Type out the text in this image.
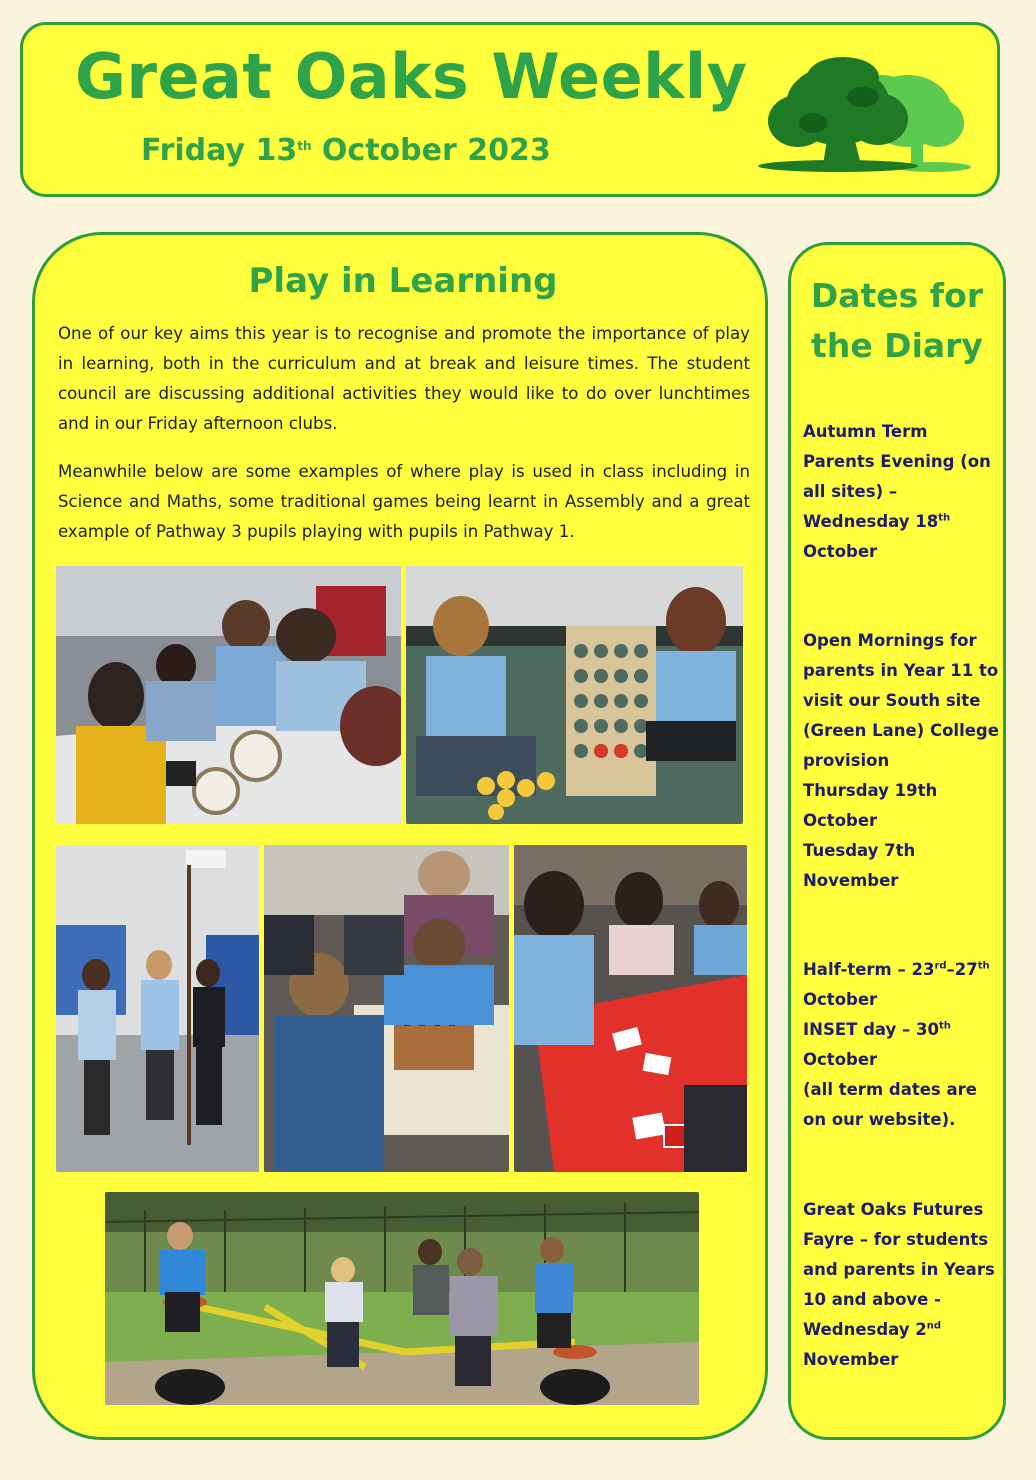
Great Oaks Weekly
Friday 13th October 2023
Play in Learning

One of our key aims this year is to recognise and promote the importance of play in learning, both in the curriculum and at break and leisure times. The student council are discussing additional activities they would like to do over lunchtimes and in our Friday afternoon clubs.

Meanwhile below are some examples of where play is used in class including in Science and Maths, some traditional games being learnt in Assembly and a great example of Pathway 3 pupils playing with pupils in Pathway 1.

Dates for
the Diary
Autumn Term Parents Evening (on all sites) – Wednesday 18th October
Open Mornings for parents in Year 11 to visit our South site (Green Lane) College provision
Thursday 19th October
Tuesday 7th November
Half-term – 23rd–27th October
INSET day – 30th October
(all term dates are on our website).
Great Oaks Futures Fayre – for students and parents in Years 10 and above - Wednesday 2nd November
